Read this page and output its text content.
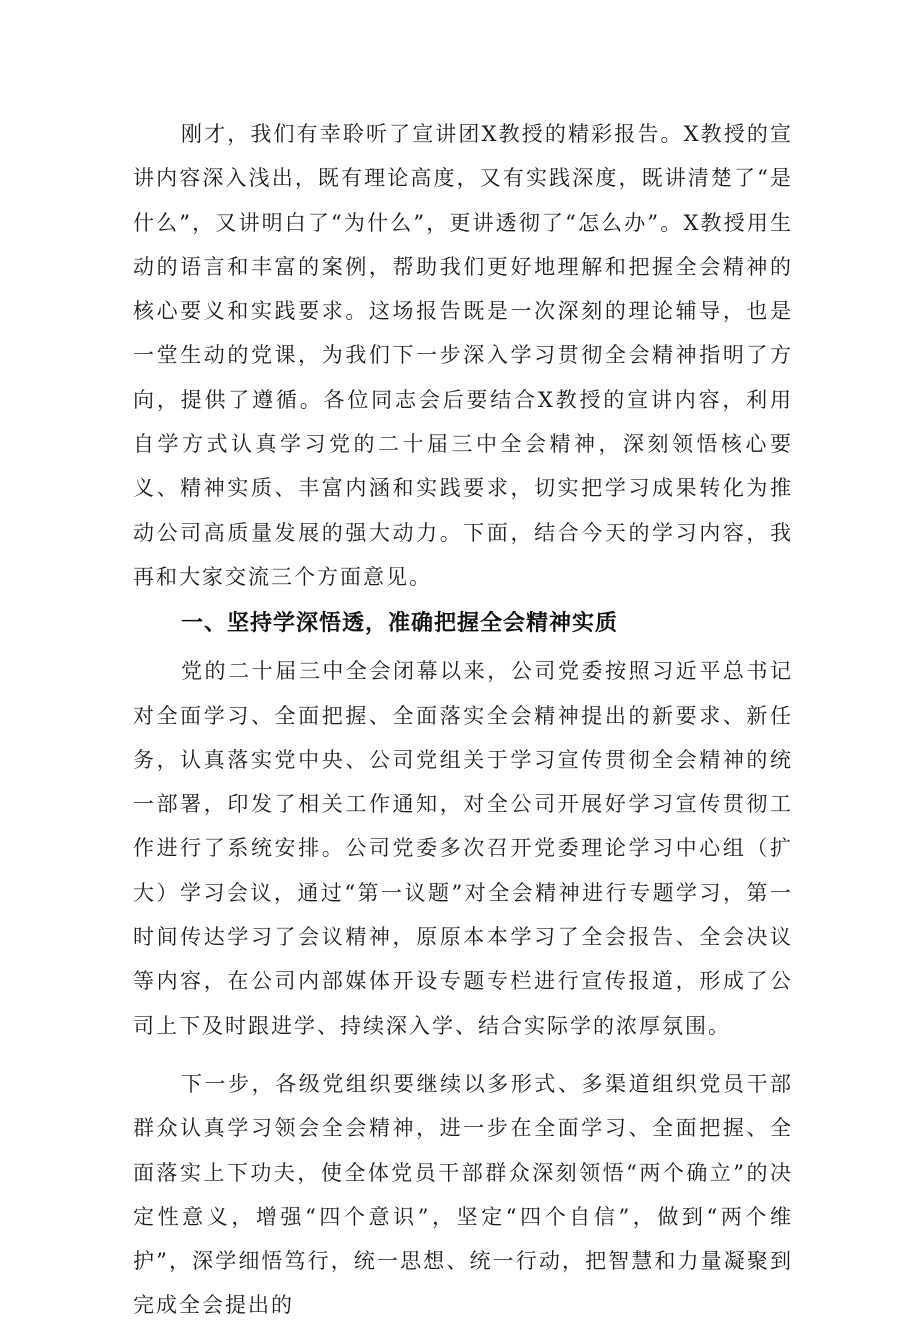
刚才，我们有幸聆听了宣讲团X教授的精彩报告。X教授的宣讲内容深入浅出，既有理论高度，又有实践深度，既讲清楚了“是什么”，又讲明白了“为什么”，更讲透彻了“怎么办”。X教授用生动的语言和丰富的案例，帮助我们更好地理解和把握全会精神的核心要义和实践要求。这场报告既是一次深刻的理论辅导，也是一堂生动的党课，为我们下一步深入学习贯彻全会精神指明了方向，提供了遵循。各位同志会后要结合X教授的宣讲内容，利用自学方式认真学习党的二十届三中全会精神，深刻领悟核心要义、精神实质、丰富内涵和实践要求，切实把学习成果转化为推动公司高质量发展的强大动力。下面，结合今天的学习内容，我再和大家交流三个方面意见。

一、坚持学深悟透，准确把握全会精神实质

党的二十届三中全会闭幕以来，公司党委按照习近平总书记对全面学习、全面把握、全面落实全会精神提出的新要求、新任务，认真落实党中央、公司党组关于学习宣传贯彻全会精神的统一部署，印发了相关工作通知，对全公司开展好学习宣传贯彻工作进行了系统安排。公司党委多次召开党委理论学习中心组（扩大）学习会议，通过“第一议题”对全会精神进行专题学习，第一时间传达学习了会议精神，原原本本学习了全会报告、全会决议等内容，在公司内部媒体开设专题专栏进行宣传报道，形成了公司上下及时跟进学、持续深入学、结合实际学的浓厚氛围。

下一步，各级党组织要继续以多形式、多渠道组织党员干部群众认真学习领会全会精神，进一步在全面学习、全面把握、全面落实上下功夫，使全体党员干部群众深刻领悟“两个确立”的决定性意义，增强“四个意识”，坚定“四个自信”，做到“两个维护”，深学细悟笃行，统一思想、统一行动，把智慧和力量凝聚到完成全会提出的
